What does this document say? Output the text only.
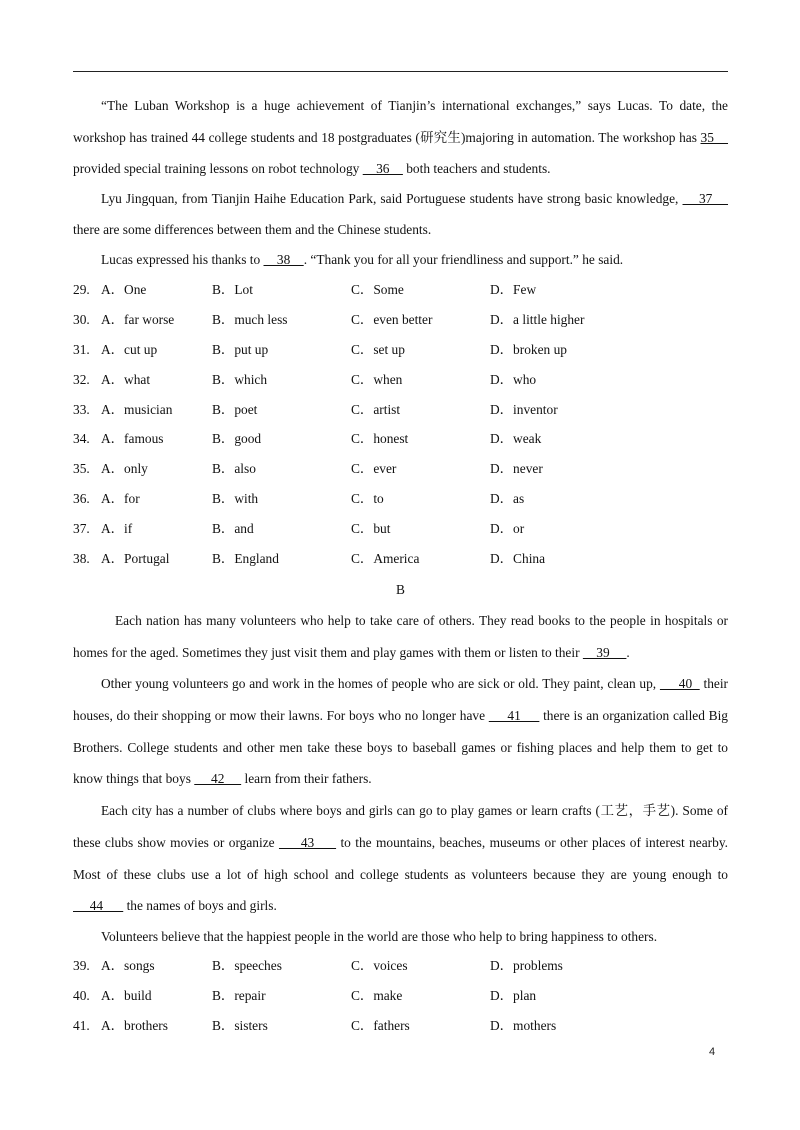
“The Luban Workshop is a huge achievement of Tianjin’s international exchanges,” says Lucas. To date, the workshop has trained 44 college students and 18 postgraduates (研究生)majoring in automation. The workshop has 35     provided special training lessons on robot technology     36     both teachers and students.

Lyu Jingquan, from Tianjin Haihe Education Park, said Portuguese students have strong basic knowledge,     37     there are some differences between them and the Chinese students.

Lucas expressed his thanks to     38    . “Thank you for all your friendliness and support.” he said.

29. A．One	B．Lot	C．Some	D．Few
30. A．far worse	B．much less	C．even better	D．a little higher
31. A．cut up	B．put up	C．set up	D．broken up
32. A．what	B．which	C．when	D．who
33. A．musician	B．poet	C．artist	D．inventor
34. A．famous	B．good	C．honest	D．weak
35. A．only	B．also	C．ever	D．never
36. A．for	B．with	C．to	D．as
37. A．if	B．and	C．but	D．or
38. A．Portugal	B．England	C．America	D．China
B

Each nation has many volunteers who help to take care of others. They read books to the people in hospitals or homes for the aged. Sometimes they just visit them and play games with them or listen to their     39     .

Other young volunteers go and work in the homes of people who are sick or old. They paint, clean up,      40   their houses, do their shopping or mow their lawns. For boys who no longer have      41      there is an organization called Big Brothers. College students and other men take these boys to baseball games or fishing places and help them to get to know things that boys      42      learn from their fathers.

Each city has a number of clubs where boys and girls can go to play games or learn crafts (工艺，手艺). Some of these clubs show movies or organize      43      to the mountains, beaches, museums or other places of interest nearby. Most of these clubs use a lot of high school and college students as volunteers because they are young enough to      44       the names of boys and girls.

Volunteers believe that the happiest people in the world are those who help to bring happiness to others.

39. A．songs	B．speeches	C．voices	D．problems
40. A．build	B．repair	C．make	D．plan
41. A．brothers	B．sisters	C．fathers	D．mothers
4
